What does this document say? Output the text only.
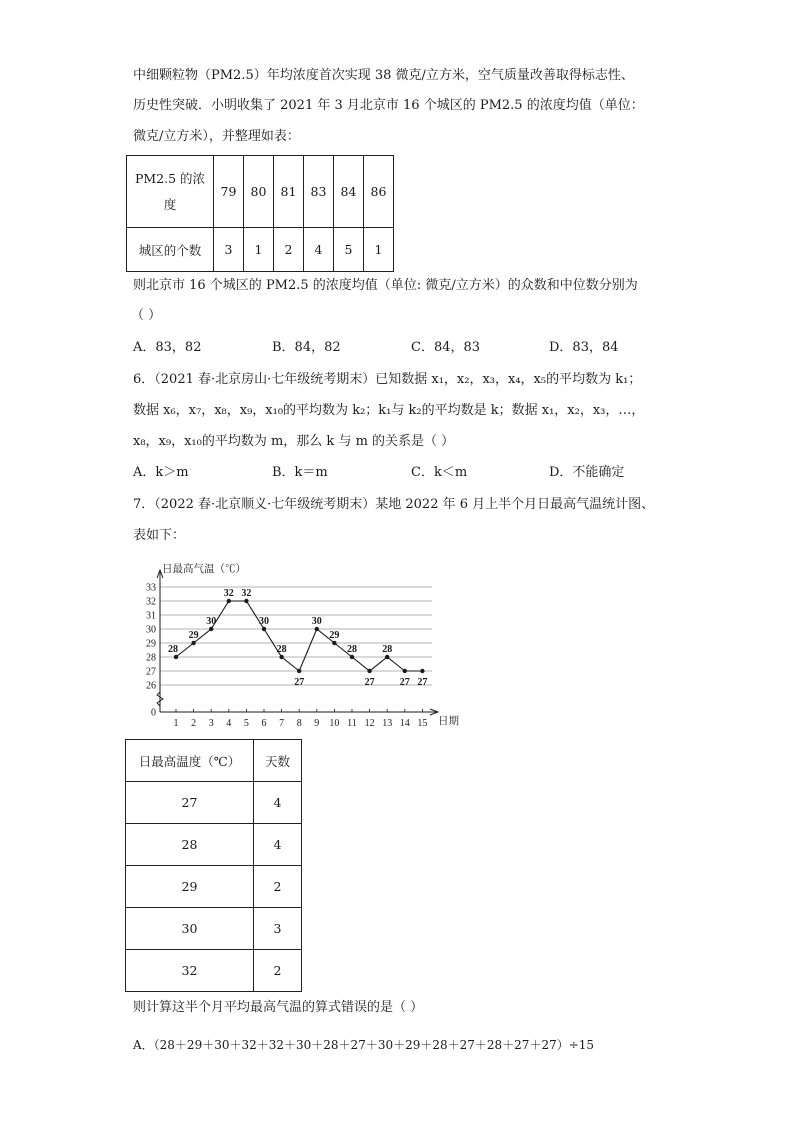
中细颗粒物（PM2.5）年均浓度首次实现 38 微克/立方米，空气质量改善取得标志性、
历史性突破．小明收集了 2021 年 3 月北京市 16 个城区的 PM2.5 的浓度均值（单位：
微克/立方米），并整理如表：
PM2.5 的浓
度	79	80	81	83	84	86
城区的个数	3	1	2	4	5	1
则北京市 16 个城区的 PM2.5 的浓度均值（单位: 微克/立方米）的众数和中位数分别为
（ ）
A．83，82	B．84，82	C．84，83	D．83，84
6．（2021 春·北京房山·七年级统考期末）已知数据 x₁，x₂，x₃，x₄，x₅的平均数为 k₁；
数据 x₆，x₇，x₈，x₉，x₁₀的平均数为 k₂；k₁与 k₂的平均数是 k；数据 x₁，x₂，x₃，…，
x₈，x₉，x₁₀的平均数为 m，那么 k 与 m 的关系是（ ）
A．k＞m	B．k＝m	C．k＜m	D．不能确定
7．（2022 春·北京顺义·七年级统考期末）某地 2022 年 6 月上半个月日最高气温统计图、
表如下：
0
26
27
28
29
30
31
32
33
1 2 3 4 5 6 7 8 9 10 11 12 13 14 15
28
29
30
32 32
30
28
27
30
29
28
27
28
27 27
日最高气温（℃）
日期
日最高温度（℃）	天数
27	4
28	4
29	2
30	3
32	2
则计算这半个月平均最高气温的算式错误的是（ ）
A．（28＋29＋30＋32＋32＋30＋28＋27＋30＋29＋28＋27＋28＋27＋27）÷15
